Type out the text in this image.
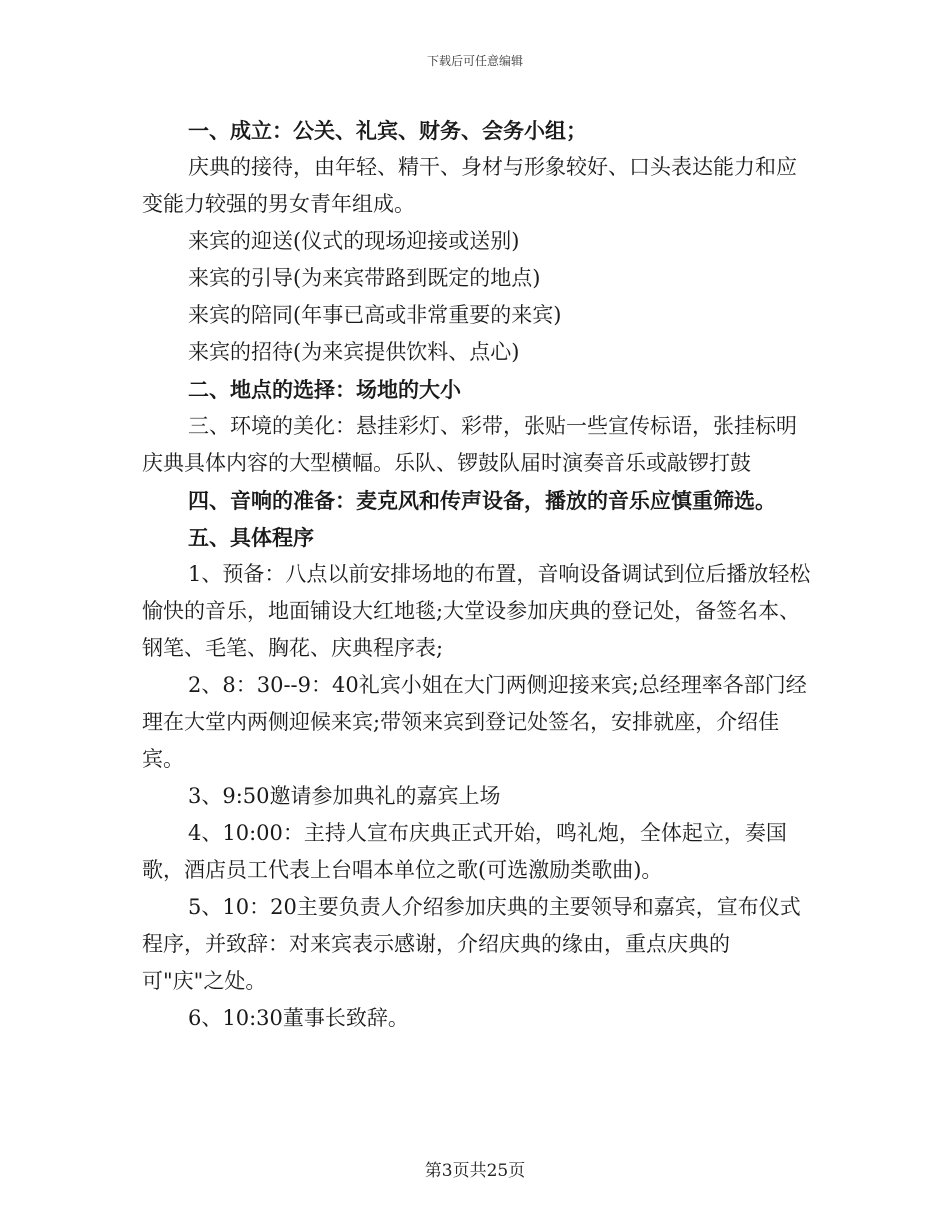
下载后可任意编辑

一、成立：公关、礼宾、财务、会务小组；

庆典的接待，由年轻、精干、身材与形象较好、口头表达能力和应变能力较强的男女青年组成。

来宾的迎送(仪式的现场迎接或送别)

来宾的引导(为来宾带路到既定的地点)

来宾的陪同(年事已高或非常重要的来宾)

来宾的招待(为来宾提供饮料、点心)

二、地点的选择：场地的大小

三、环境的美化：悬挂彩灯、彩带，张贴一些宣传标语，张挂标明庆典具体内容的大型横幅。乐队、锣鼓队届时演奏音乐或敲锣打鼓

四、音响的准备：麦克风和传声设备，播放的音乐应慎重筛选。

五、具体程序

1、预备：八点以前安排场地的布置，音响设备调试到位后播放轻松愉快的音乐，地面铺设大红地毯;大堂设参加庆典的登记处，备签名本、钢笔、毛笔、胸花、庆典程序表;

2、8：30--9：40礼宾小姐在大门两侧迎接来宾;总经理率各部门经理在大堂内两侧迎候来宾;带领来宾到登记处签名，安排就座，介绍佳宾。

3、9:50邀请参加典礼的嘉宾上场

4、10:00：主持人宣布庆典正式开始，鸣礼炮，全体起立，奏国歌，酒店员工代表上台唱本单位之歌(可选激励类歌曲)。

5、10：20主要负责人介绍参加庆典的主要领导和嘉宾，宣布仪式程序，并致辞：对来宾表示感谢，介绍庆典的缘由，重点庆典的可"庆"之处。

6、10:30董事长致辞。

第3页共25页
